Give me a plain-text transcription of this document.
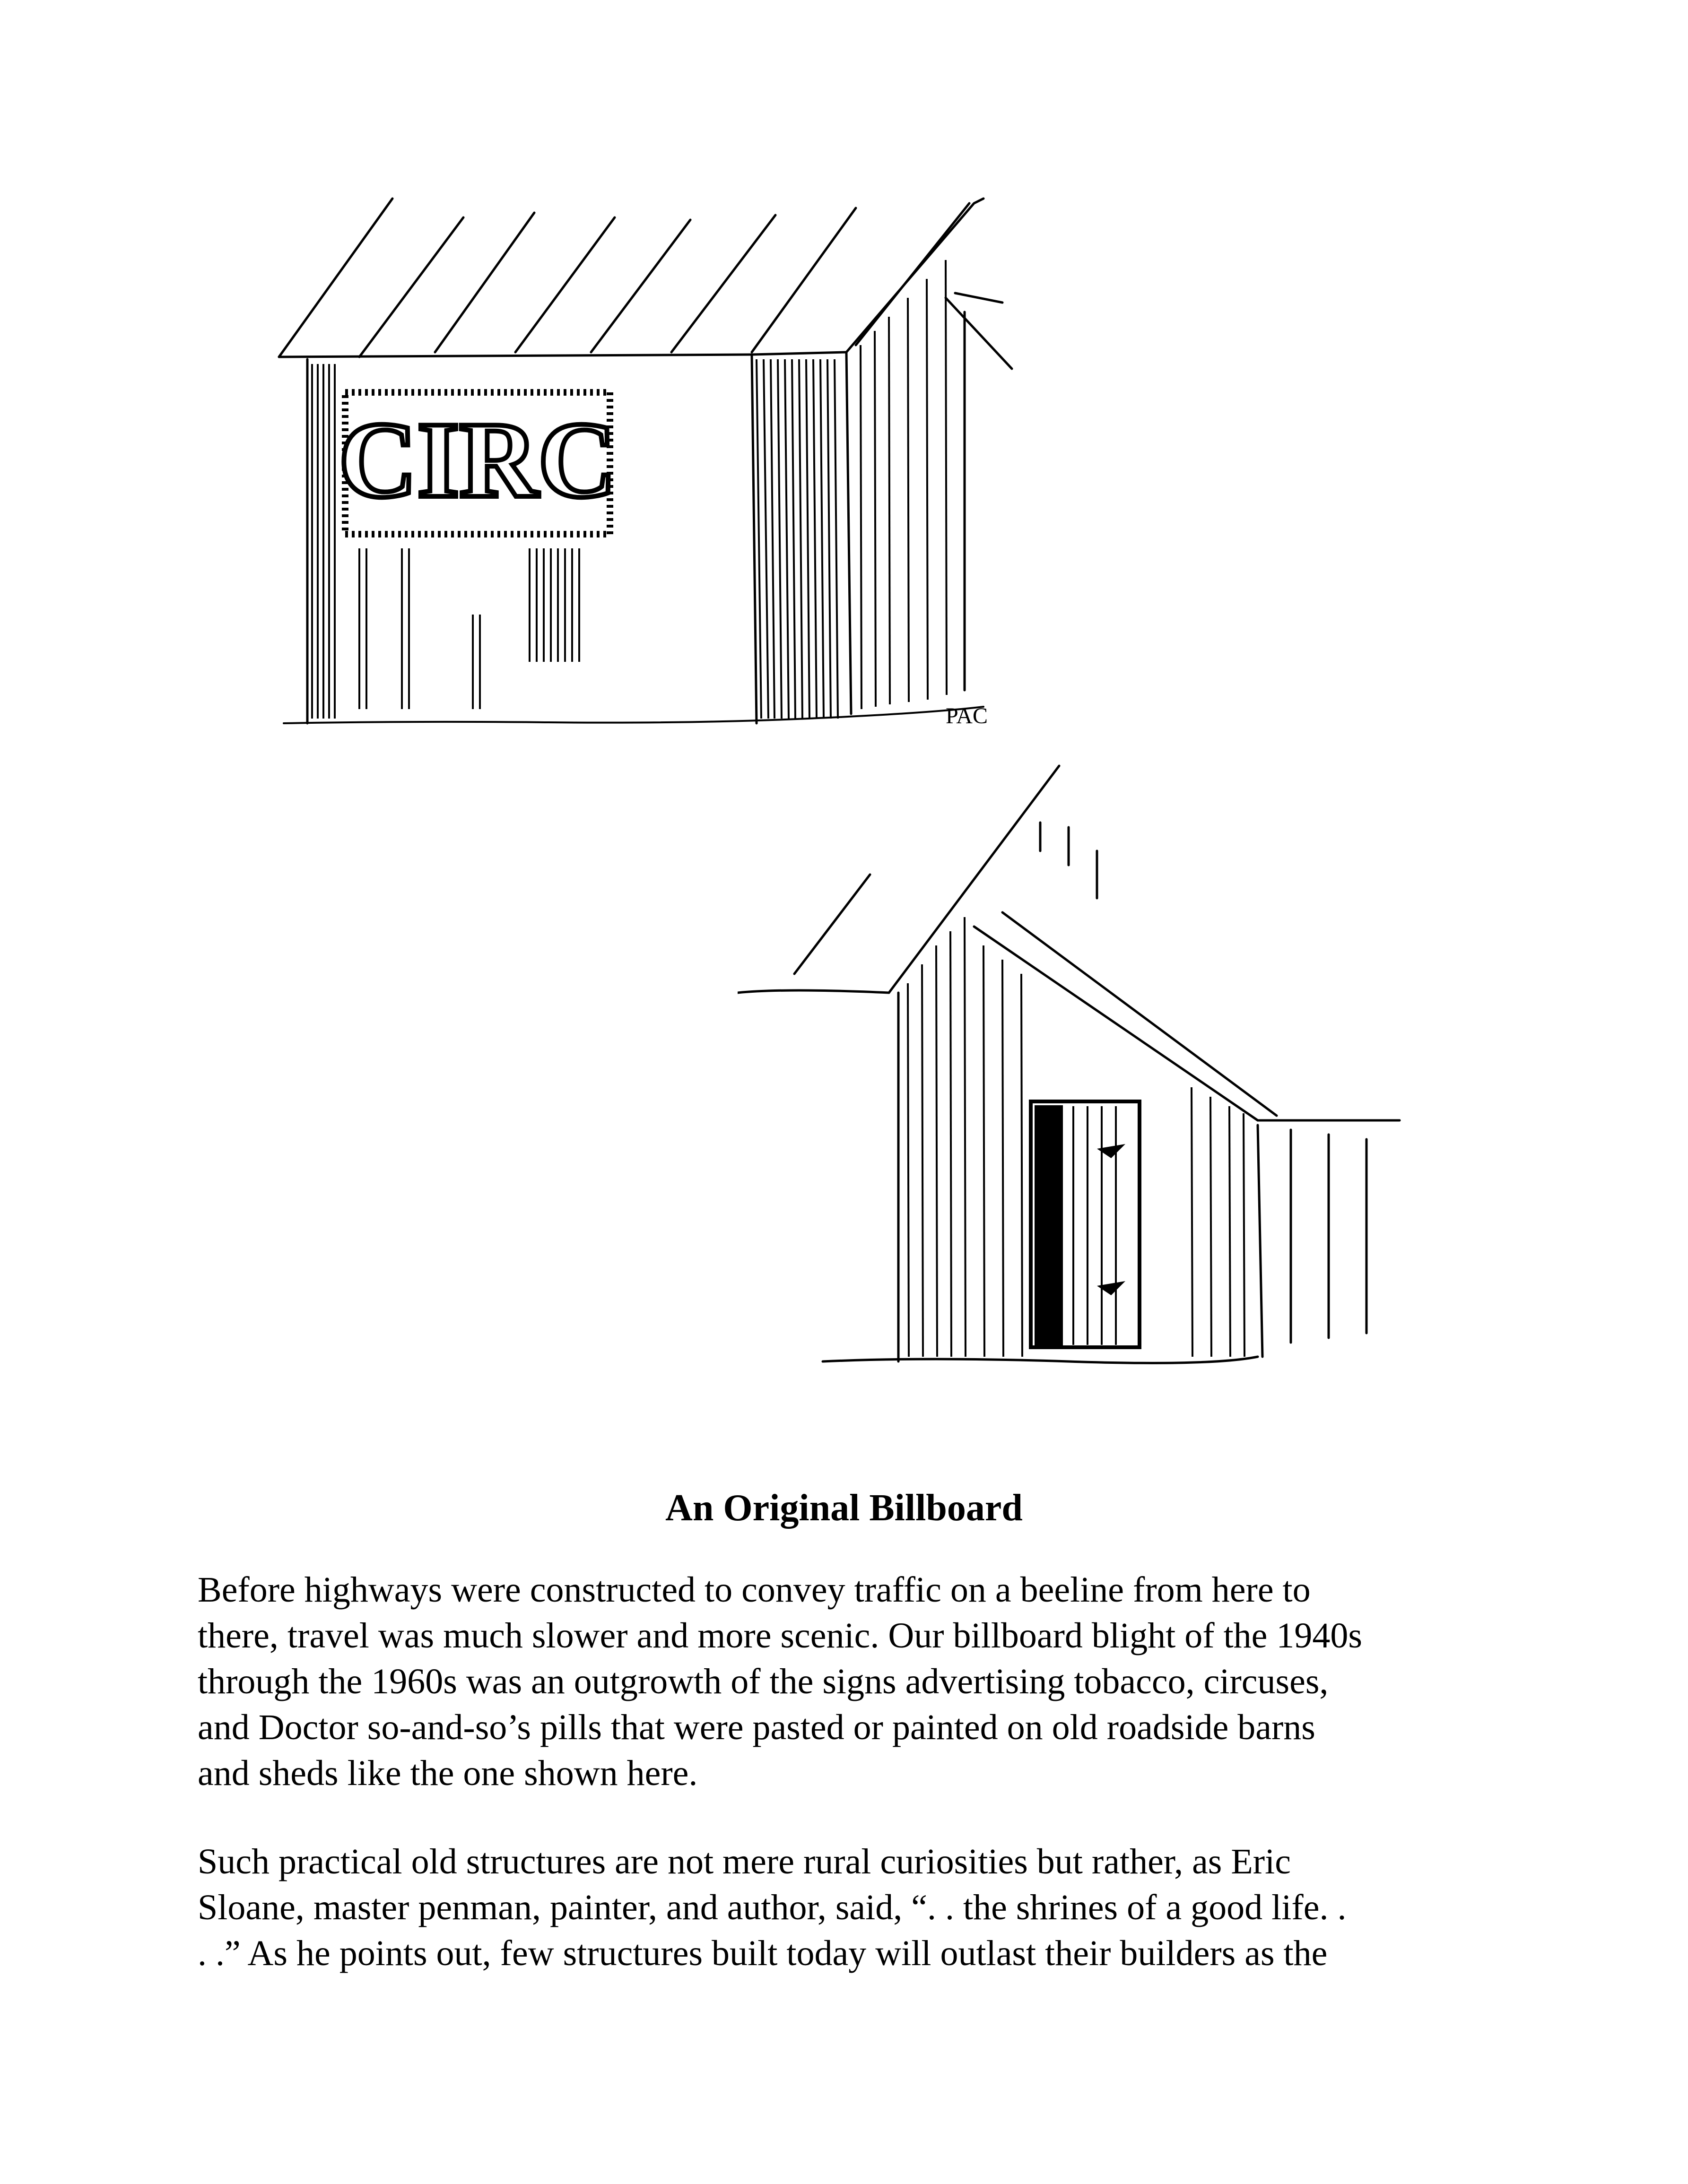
CIRC
PAC
An Original Billboard

Before highways were constructed to convey traffic on a beeline from here to
there, travel was much slower and more scenic. Our billboard blight of the 1940s
through the 1960s was an outgrowth of the signs advertising tobacco, circuses,
and Doctor so-and-so’s pills that were pasted or painted on old roadside barns
and sheds like the one shown here.

Such practical old structures are not mere rural curiosities but rather, as Eric
Sloane, master penman, painter, and author, said, “. . the shrines of a good life. .
. .” As he points out, few structures built today will outlast their builders as the
